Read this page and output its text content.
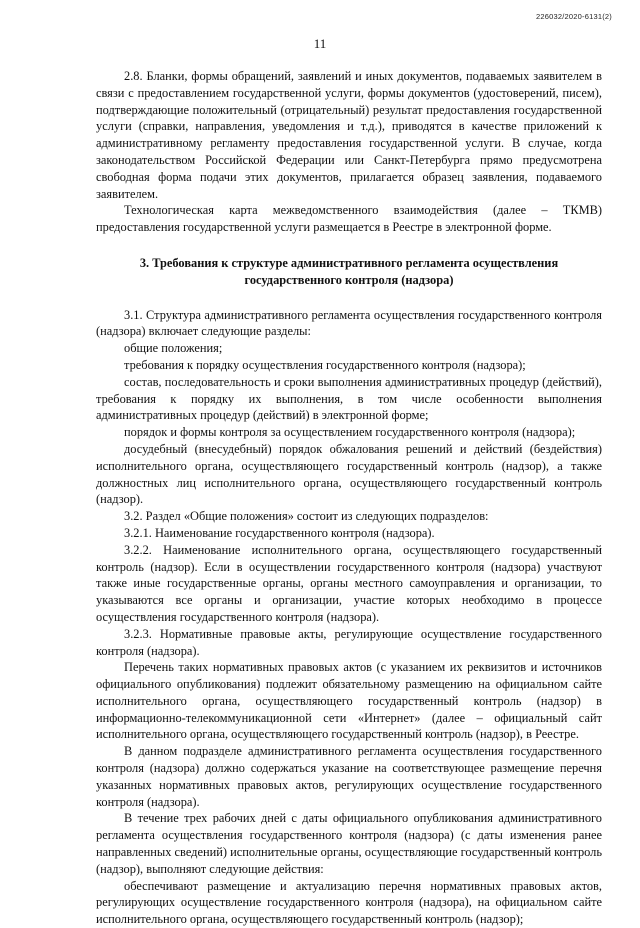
226032/2020-6131(2)
11

2.8. Бланки, формы обращений, заявлений и иных документов, подаваемых заявителем в связи с предоставлением государственной услуги, формы документов (удостоверений, писем), подтверждающие положительный (отрицательный) результат предоставления государственной услуги (справки, направления, уведомления и т.д.), приводятся в качестве приложений к административному регламенту предоставления государственной услуги. В случае, когда законодательством Российской Федерации или Санкт-Петербурга прямо предусмотрена свободная форма подачи этих документов, прилагается образец заявления, подаваемого заявителем.

Технологическая карта межведомственного взаимодействия (далее – ТКМВ) предоставления государственной услуги размещается в Реестре в электронной форме.

3. Требования к структуре административного регламента осуществления государственного контроля (надзора)

3.1. Структура административного регламента осуществления государственного контроля (надзора) включает следующие разделы:

общие положения;

требования к порядку осуществления государственного контроля (надзора);

состав, последовательность и сроки выполнения административных процедур (действий), требования к порядку их выполнения, в том числе особенности выполнения административных процедур (действий) в электронной форме;

порядок и формы контроля за осуществлением государственного контроля (надзора);

досудебный (внесудебный) порядок обжалования решений и действий (бездействия) исполнительного органа, осуществляющего государственный контроль (надзор), а также должностных лиц исполнительного органа, осуществляющего государственный контроль (надзор).

3.2. Раздел «Общие положения» состоит из следующих подразделов:

3.2.1. Наименование государственного контроля (надзора).

3.2.2. Наименование исполнительного органа, осуществляющего государственный контроль (надзор). Если в осуществлении государственного контроля (надзора) участвуют также иные государственные органы, органы местного самоуправления и организации, то указываются все органы и организации, участие которых необходимо в процессе осуществления государственного контроля (надзора).

3.2.3. Нормативные правовые акты, регулирующие осуществление государственного контроля (надзора).

Перечень таких нормативных правовых актов (с указанием их реквизитов и источников официального опубликования) подлежит обязательному размещению на официальном сайте исполнительного органа, осуществляющего государственный контроль (надзор) в информационно-телекоммуникационной сети «Интернет» (далее – официальный сайт исполнительного органа, осуществляющего государственный контроль (надзор), в Реестре.

В данном подразделе административного регламента осуществления государственного контроля (надзора) должно содержаться указание на соответствующее размещение перечня указанных нормативных правовых актов, регулирующих осуществление государственного контроля (надзора).

В течение трех рабочих дней с даты официального опубликования административного регламента осуществления государственного контроля (надзора) (с даты изменения ранее направленных сведений) исполнительные органы, осуществляющие государственный контроль (надзор), выполняют следующие действия:

обеспечивают размещение и актуализацию перечня нормативных правовых актов, регулирующих осуществление государственного контроля (надзора), на официальном сайте исполнительного органа, осуществляющего государственный контроль (надзор);
